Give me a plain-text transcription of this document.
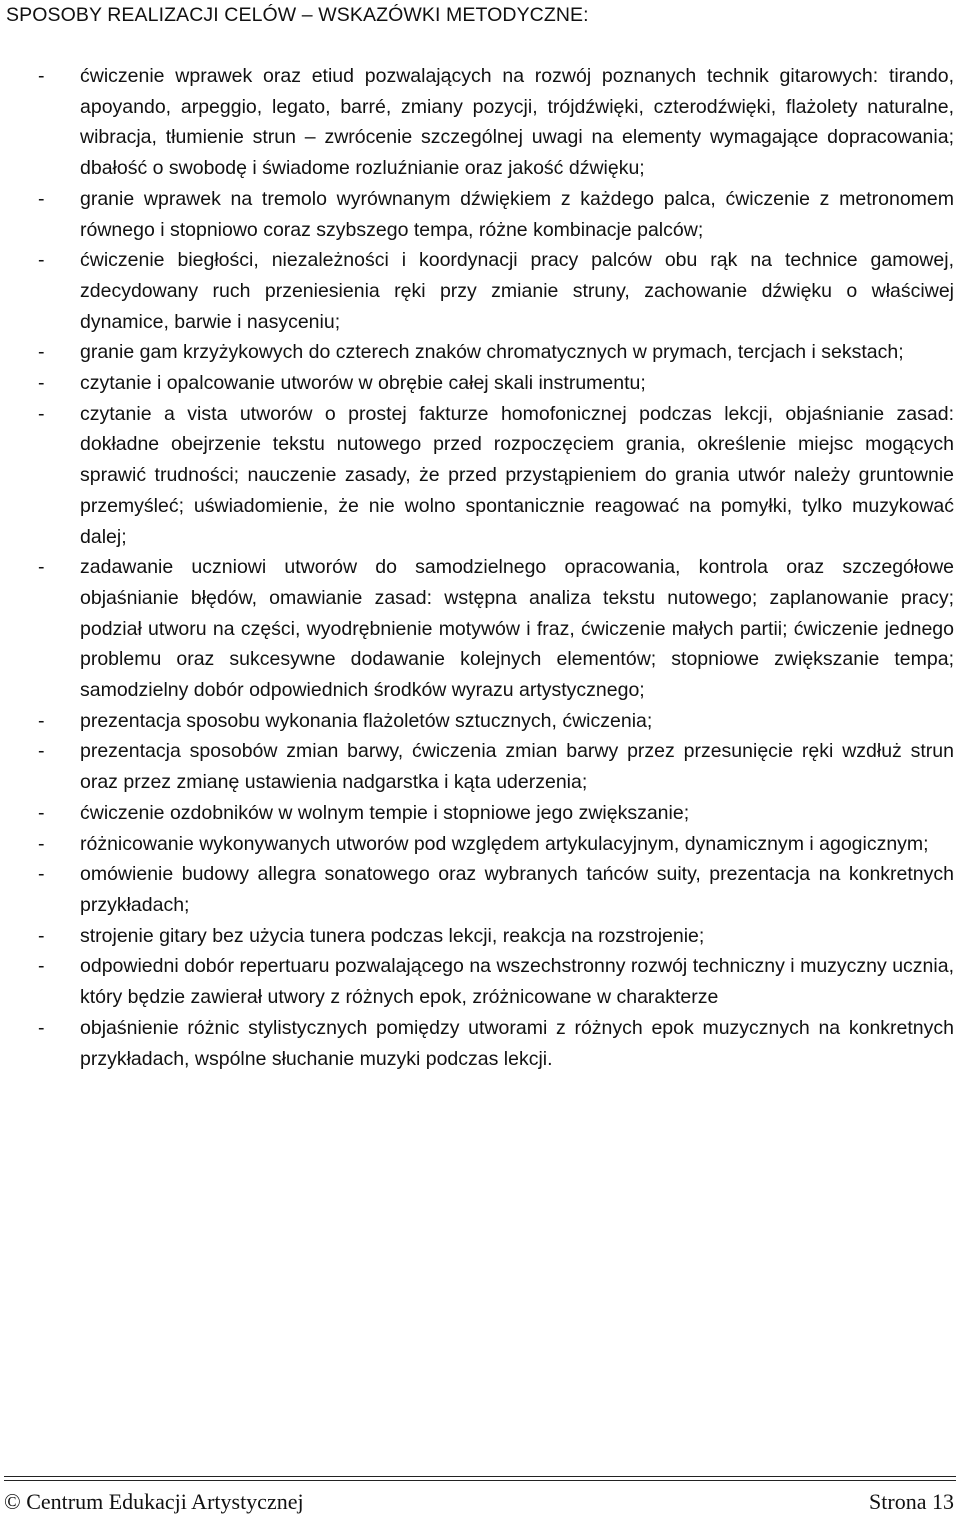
SPOSOBY REALIZACJI CELÓW – WSKAZÓWKI METODYCZNE:
- ćwiczenie wprawek oraz etiud pozwalających na rozwój poznanych technik gitarowych: tirando, apoyando, arpeggio, legato, barré, zmiany pozycji, trójdźwięki, czterodźwięki, flażolety naturalne, wibracja, tłumienie strun – zwrócenie szczególnej uwagi na elementy wymagające dopracowania; dbałość o swobodę i świadome rozluźnianie oraz jakość dźwięku;
- granie wprawek na tremolo wyrównanym dźwiękiem z każdego palca, ćwiczenie z metronomem równego i stopniowo coraz szybszego tempa, różne kombinacje palców;
- ćwiczenie biegłości, niezależności i koordynacji pracy palców obu rąk na technice gamowej, zdecydowany ruch przeniesienia ręki przy zmianie struny, zachowanie dźwięku o właściwej dynamice, barwie i nasyceniu;
- granie gam krzyżykowych do czterech znaków chromatycznych w prymach, tercjach i sekstach;
- czytanie i opalcowanie utworów w obrębie całej skali instrumentu;
- czytanie a vista utworów o prostej fakturze homofonicznej podczas lekcji, objaśnianie zasad: dokładne obejrzenie tekstu nutowego przed rozpoczęciem grania, określenie miejsc mogących sprawić trudności; nauczenie zasady, że przed przystąpieniem do grania utwór należy gruntownie przemyśleć; uświadomienie, że nie wolno spontanicznie reagować na pomyłki, tylko muzykować dalej;
- zadawanie uczniowi utworów do samodzielnego opracowania, kontrola oraz szczegółowe objaśnianie błędów, omawianie zasad: wstępna analiza tekstu nutowego; zaplanowanie pracy; podział utworu na części, wyodrębnienie motywów i fraz, ćwiczenie małych partii; ćwiczenie jednego problemu oraz sukcesywne dodawanie kolejnych elementów; stopniowe zwiększanie tempa; samodzielny dobór odpowiednich środków wyrazu artystycznego;
- prezentacja sposobu wykonania flażoletów sztucznych, ćwiczenia;
- prezentacja sposobów zmian barwy, ćwiczenia zmian barwy przez przesunięcie ręki wzdłuż strun oraz przez zmianę ustawienia nadgarstka i kąta uderzenia;
- ćwiczenie ozdobników w wolnym tempie i stopniowe jego zwiększanie;
- różnicowanie wykonywanych utworów pod względem artykulacyjnym, dynamicznym i agogicznym;
- omówienie budowy allegra sonatowego oraz wybranych tańców suity, prezentacja na konkretnych przykładach;
- strojenie gitary bez użycia tunera podczas lekcji, reakcja na rozstrojenie;
- odpowiedni dobór repertuaru pozwalającego na wszechstronny rozwój techniczny i muzyczny ucznia, który będzie zawierał utwory z różnych epok, zróżnicowane w charakterze
- objaśnienie różnic stylistycznych pomiędzy utworami z różnych epok muzycznych na konkretnych przykładach, wspólne słuchanie muzyki podczas lekcji.
© Centrum Edukacji Artystycznej	Strona 13
